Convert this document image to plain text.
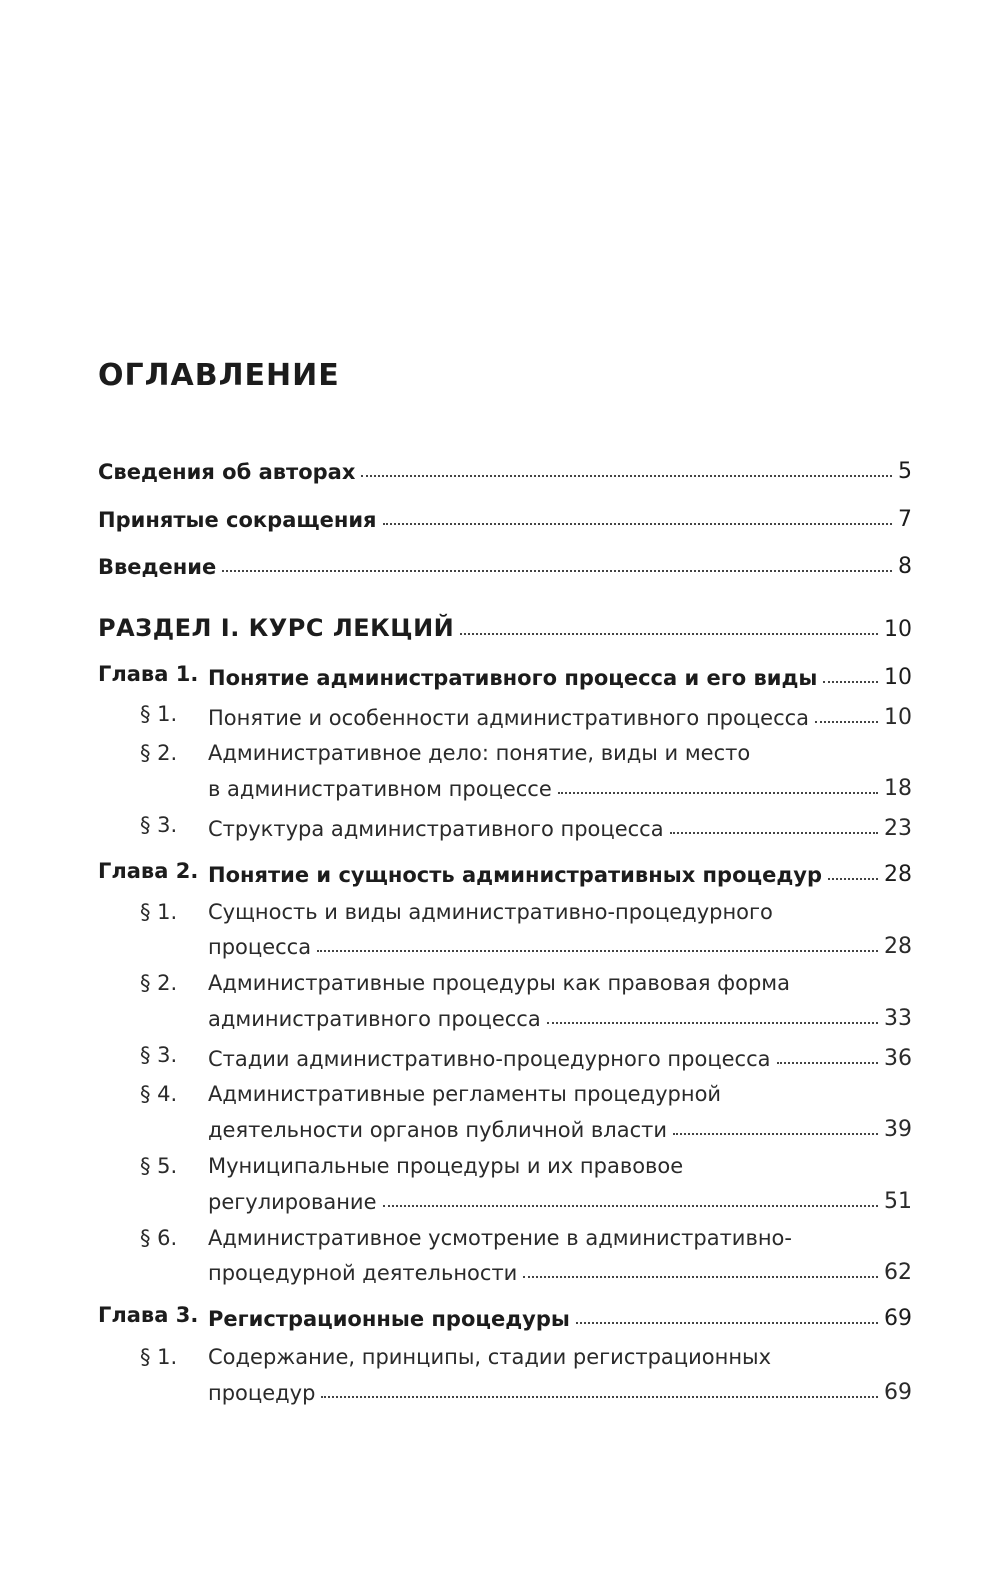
ОГЛАВЛЕНИЕ
Сведения об авторах	5
Принятые сокращения	7
Введение	8
РАЗДЕЛ I. КУРС ЛЕКЦИЙ	10
Глава 1. Понятие административного процесса и его виды	10
§ 1. Понятие и особенности административного процесса	10
§ 2. Административное дело: понятие, виды и место
в административном процессе	18
§ 3. Структура административного процесса	23
Глава 2. Понятие и сущность административных процедур	28
§ 1. Сущность и виды административно-процедурного
процесса	28
§ 2. Административные процедуры как правовая форма
административного процесса	33
§ 3. Стадии административно-процедурного процесса	36
§ 4. Административные регламенты процедурной
деятельности органов публичной власти	39
§ 5. Муниципальные процедуры и их правовое
регулирование	51
§ 6. Административное усмотрение в административно-
процедурной деятельности	62
Глава 3. Регистрационные процедуры	69
§ 1. Содержание, принципы, стадии регистрационных
процедур	69
